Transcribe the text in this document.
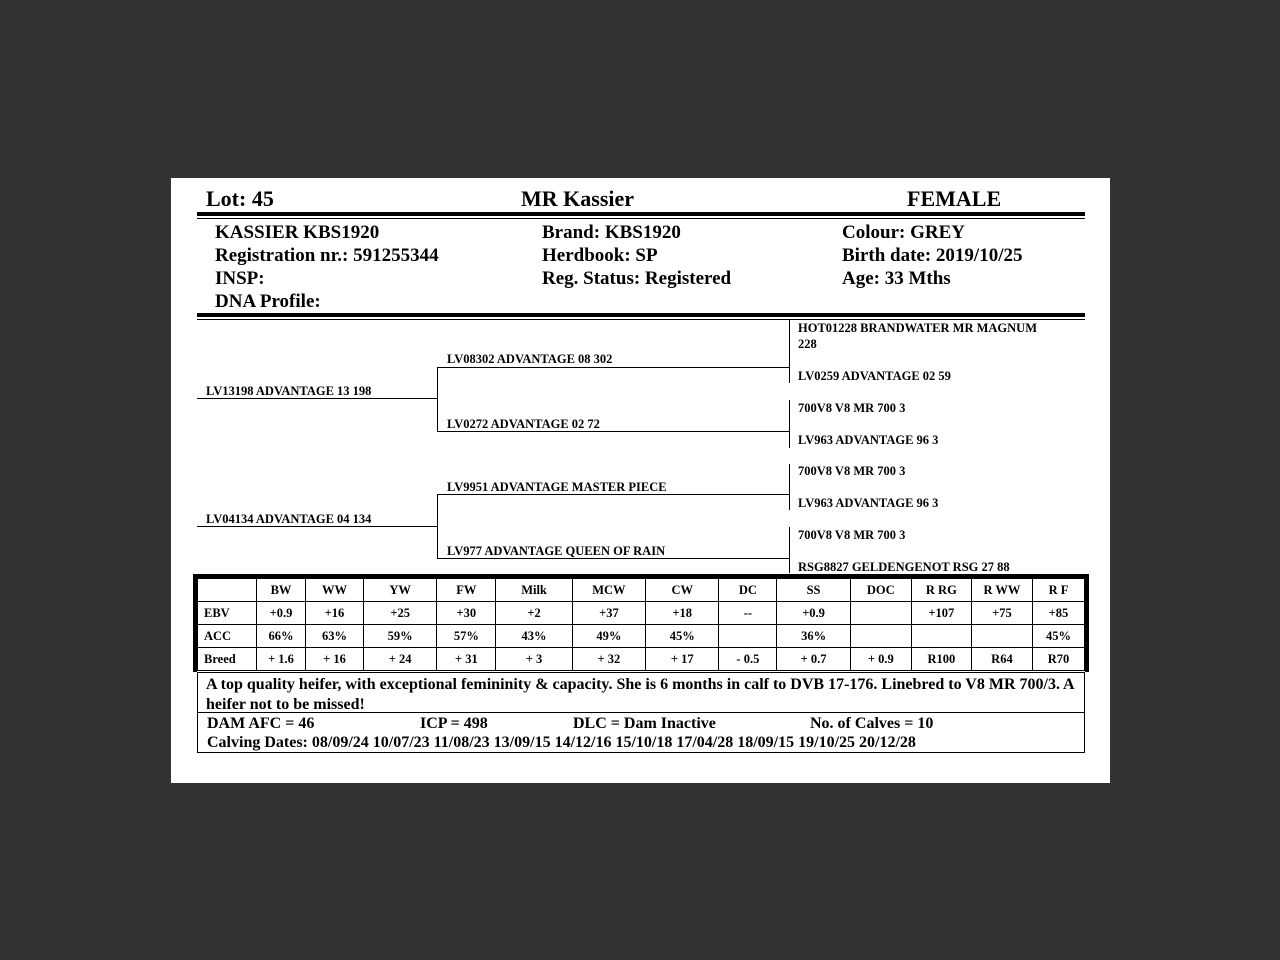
Lot: 45	MR Kassier	FEMALE
KASSIER KBS1920
Registration nr.: 591255344
INSP:
DNA Profile:
Brand: KBS1920
Herdbook: SP
Reg. Status: Registered
Colour: GREY
Birth date: 2019/10/25
Age: 33 Mths
LV13198 ADVANTAGE 13 198
LV04134 ADVANTAGE 04 134
LV08302 ADVANTAGE 08 302
LV0272 ADVANTAGE 02 72
LV9951 ADVANTAGE MASTER PIECE
LV977 ADVANTAGE QUEEN OF RAIN
HOT01228 BRANDWATER MR MAGNUM
228
LV0259 ADVANTAGE 02 59
700V8 V8 MR 700 3
LV963 ADVANTAGE 96 3
700V8 V8 MR 700 3
LV963 ADVANTAGE 96 3
700V8 V8 MR 700 3
RSG8827 GELDENGENOT RSG 27 88
	BW	WW	YW	FW	Milk	MCW	CW	DC	SS	DOC	R RG	R WW	R F
EBV	+0.9	+16	+25	+30	+2	+37	+18	--	+0.9		+107	+75	+85
ACC	66%	63%	59%	57%	43%	49%	45%		36%				45%
Breed	+ 1.6	+ 16	+ 24	+ 31	+ 3	+ 32	+ 17	- 0.5	+ 0.7	+ 0.9	R100	R64	R70
A top quality heifer, with exceptional femininity & capacity. She is 6 months in calf to DVB 17-176. Linebred to V8 MR 700/3. A heifer not to be missed!
DAM AFC = 46	ICP = 498	DLC = Dam Inactive	No. of Calves = 10
Calving Dates: 08/09/24 10/07/23 11/08/23 13/09/15 14/12/16 15/10/18 17/04/28 18/09/15 19/10/25 20/12/28
